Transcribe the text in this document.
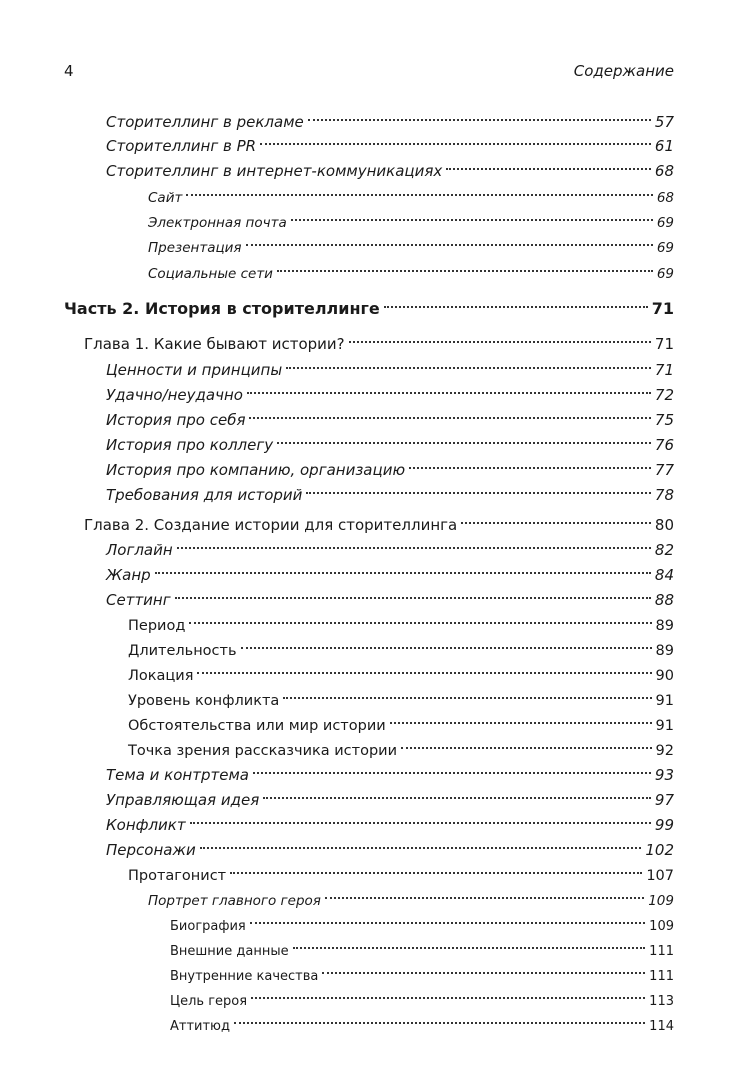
4	Содержание
Сторителлинг в рекламе	57
Сторителлинг в PR	61
Сторителлинг в интернет-коммуникациях	68
Сайт	68
Электронная почта	69
Презентация	69
Социальные сети	69
Часть 2. История в сторителлинге	71
Глава 1. Какие бывают истории?	71
Ценности и принципы	71
Удачно/неудачно	72
История про себя	75
История про коллегу	76
История про компанию, организацию	77
Требования для историй	78
Глава 2. Создание истории для сторителлинга	80
Логлайн	82
Жанр	84
Сеттинг	88
Период	89
Длительность	89
Локация	90
Уровень конфликта	91
Обстоятельства или мир истории	91
Точка зрения рассказчика истории	92
Тема и контртема	93
Управляющая идея	97
Конфликт	99
Персонажи	102
Протагонист	107
Портрет главного героя	109
Биография	109
Внешние данные	111
Внутренние качества	111
Цель героя	113
Аттитюд	114
